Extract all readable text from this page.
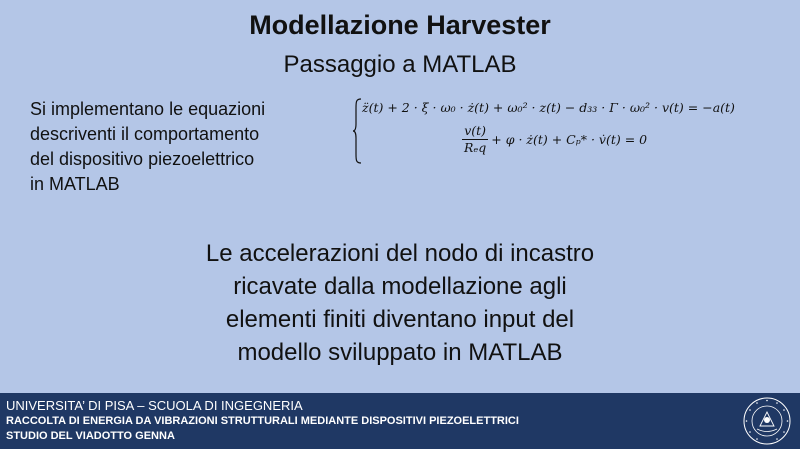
Modellazione Harvester
Passaggio a MATLAB
Si implementano le equazioni
descriventi il comportamento
del dispositivo piezoelettrico
in MATLAB
z̈(t) + 2 · ξ · ω₀ · ż(t) + ω₀² · z(t) − d₃₃ · Γ · ω₀² · v(t) = −a(t)
$\frac{v(t)}{\text{Rₑq}} + \varphi$ · ż(t) + Cₚ* · v̇(t) = 0
Le accelerazioni del nodo di incastro
ricavate dalla modellazione agli
elementi finiti diventano input del
modello sviluppato in MATLAB
UNIVERSITA’ DI PISA – SCUOLA DI INGEGNERIA
RACCOLTA DI ENERGIA DA VIBRAZIONI STRUTTURALI MEDIANTE DISPOSITIVI PIEZOELETTRICI
STUDIO DEL VIADOTTO GENNA
